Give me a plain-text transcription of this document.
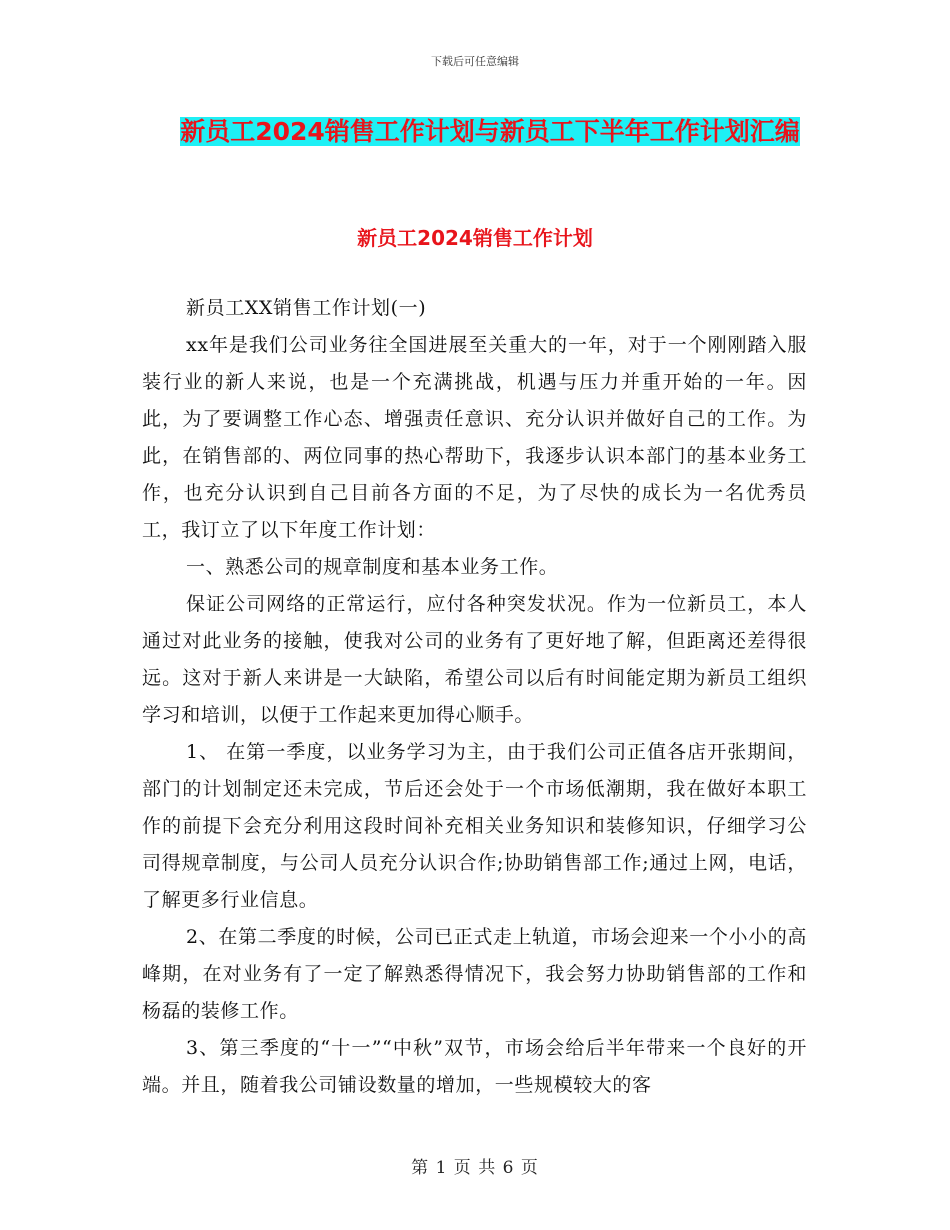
下载后可任意编辑
新员工2024销售工作计划与新员工下半年工作计划汇编
新员工2024销售工作计划

新员工XX销售工作计划(一)

xx年是我们公司业务往全国进展至关重大的一年，对于一个刚刚踏入服装行业的新人来说，也是一个充满挑战，机遇与压力并重开始的一年。因此，为了要调整工作心态、增强责任意识、充分认识并做好自己的工作。为此，在销售部的、两位同事的热心帮助下，我逐步认识本部门的基本业务工作，也充分认识到自己目前各方面的不足，为了尽快的成长为一名优秀员工，我订立了以下年度工作计划：

一、熟悉公司的规章制度和基本业务工作。

保证公司网络的正常运行，应付各种突发状况。作为一位新员工，本人通过对此业务的接触，使我对公司的业务有了更好地了解，但距离还差得很远。这对于新人来讲是一大缺陷，希望公司以后有时间能定期为新员工组织学习和培训，以便于工作起来更加得心顺手。

1、 在第一季度，以业务学习为主，由于我们公司正值各店开张期间，部门的计划制定还未完成，节后还会处于一个市场低潮期，我在做好本职工作的前提下会充分利用这段时间补充相关业务知识和装修知识，仔细学习公司得规章制度，与公司人员充分认识合作;协助销售部工作;通过上网，电话，了解更多行业信息。

2、在第二季度的时候，公司已正式走上轨道，市场会迎来一个小小的高峰期，在对业务有了一定了解熟悉得情况下，我会努力协助销售部的工作和杨磊的装修工作。

3、第三季度的“十一”“中秋”双节，市场会给后半年带来一个良好的开端。并且，随着我公司铺设数量的增加，一些规模较大的客

第 1 页 共 6 页
